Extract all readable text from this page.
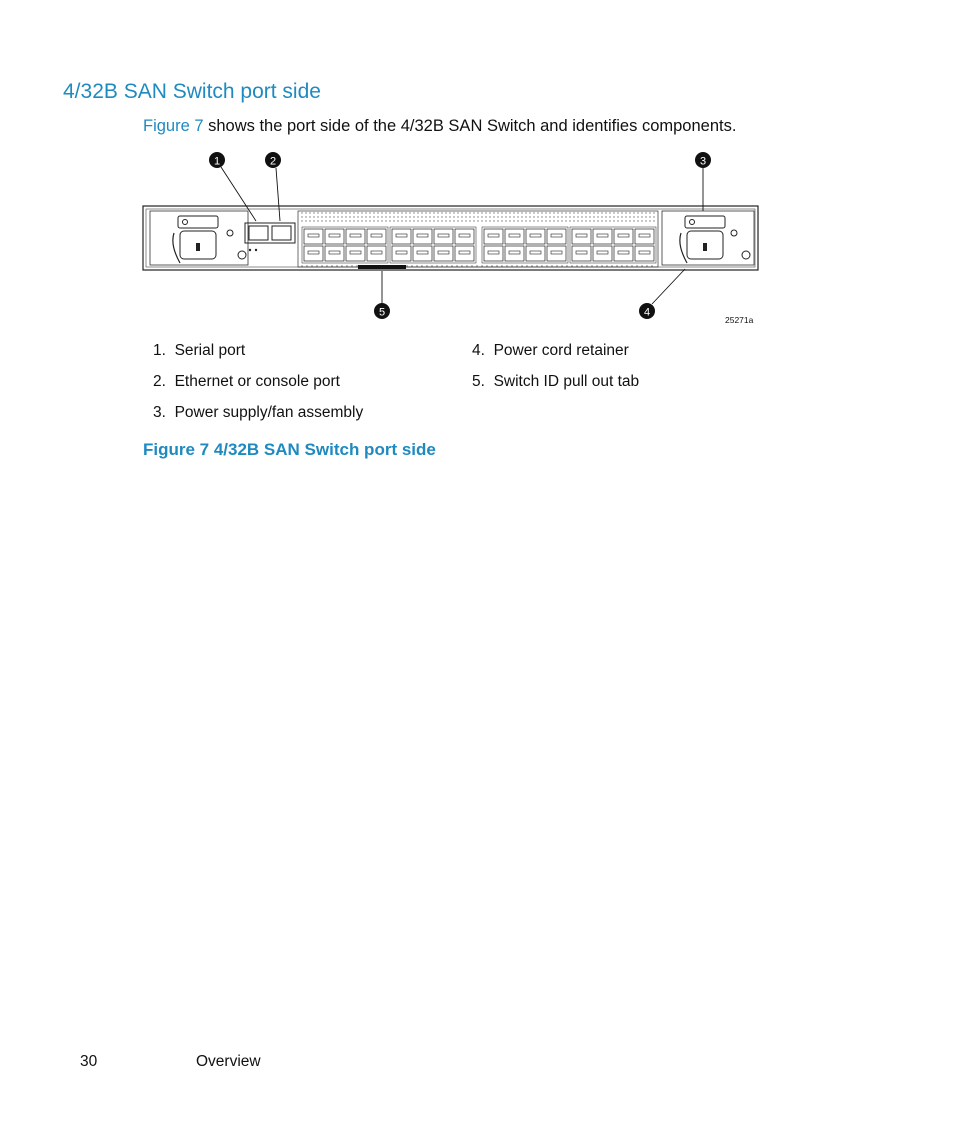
4/32B SAN Switch port side

Figure 7 shows the port side of the 4/32B SAN Switch and identifies components.

1	2	3
4
5
25271a
1. Serial port
2. Ethernet or console port
3. Power supply/fan assembly
4. Power cord retainer
5. Switch ID pull out tab

Figure 7 4/32B SAN Switch port side

30	Overview
